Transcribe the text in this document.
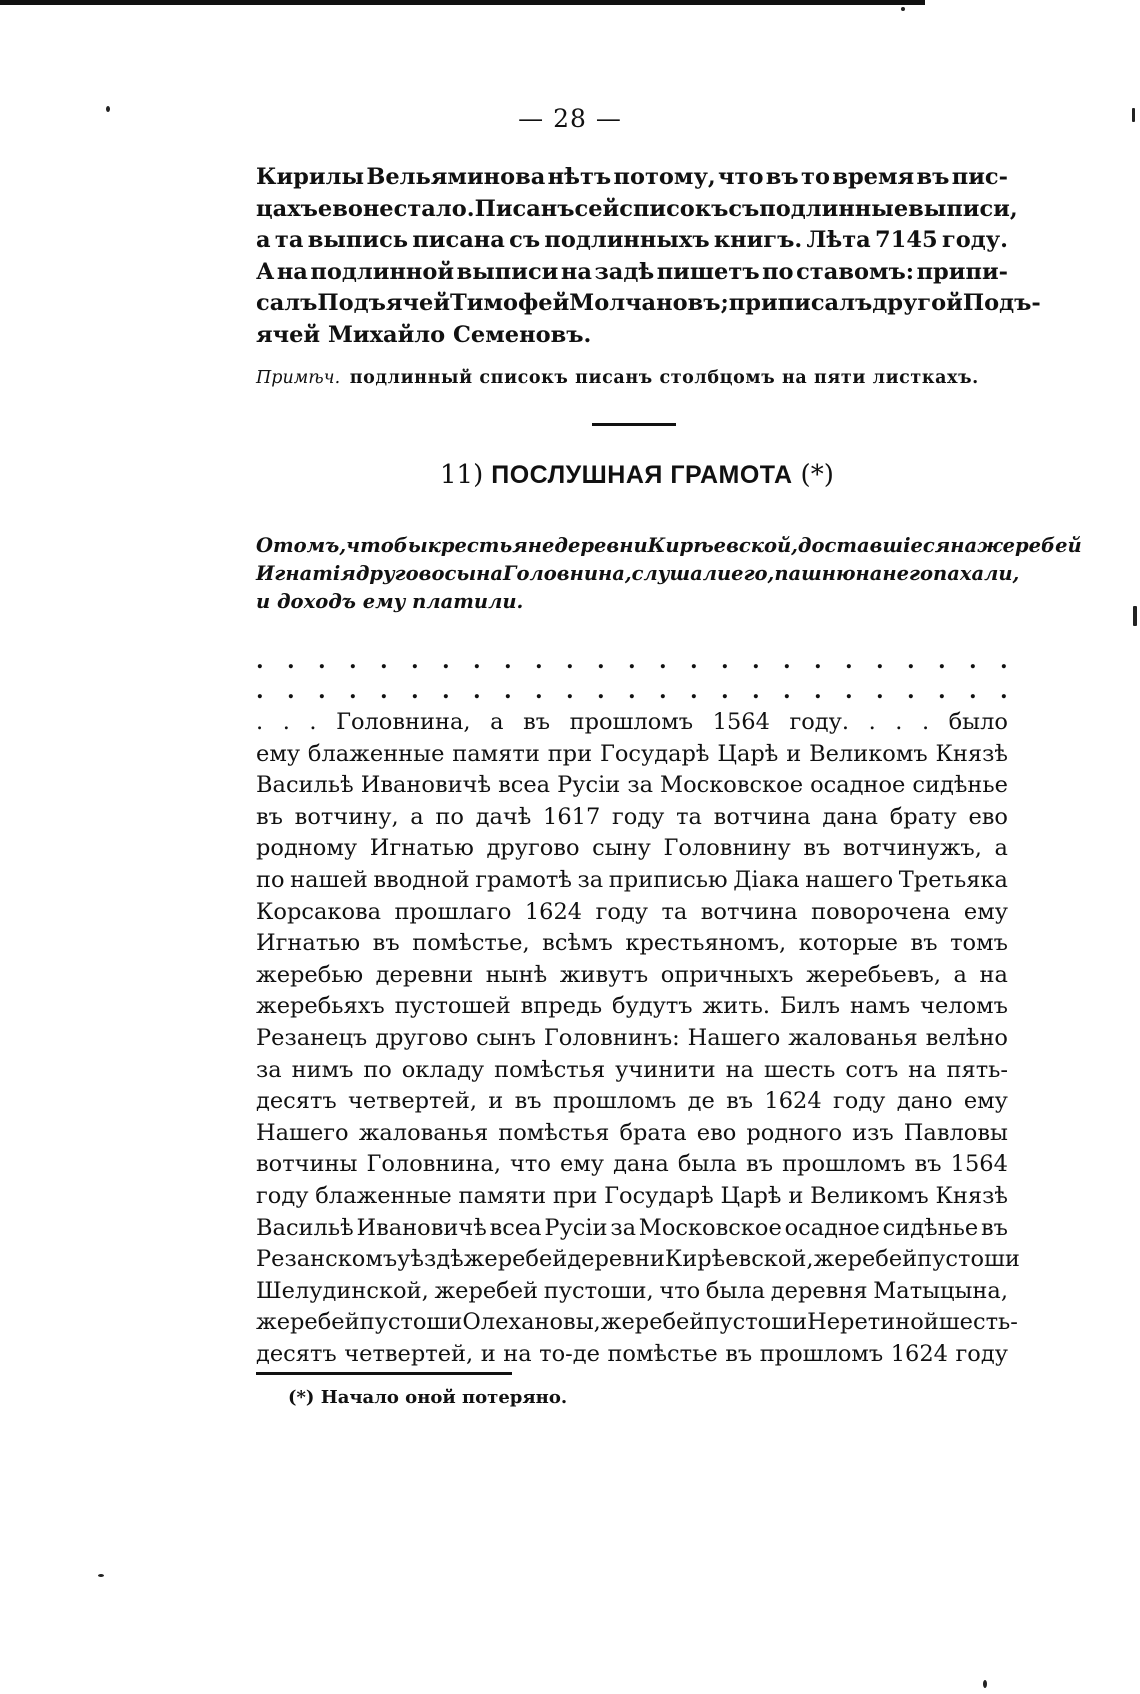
— 28 —
Кирилы Вельяминова нѣтъ потому, что въ то время въ пис-
цахъ ево не стало. Писанъ сей списокъ съ подлинные выписи,
а та выпись писана съ подлинныхъ книгъ. Лѣта 7145 году.
А на подлинной выписи на задѣ пишетъ по ставомъ: припи-
салъ Подъячей Тимофей Молчановъ; приписалъ другой Подъ-
ячей Михайло Семеновъ.
Примѣч. подлинный списокъ писанъ столбцомъ на пяти листкахъ.
11) ПОСЛУШНАЯ ГРАМОТА (*)
О томъ, чтобы крестьяне деревни Кирѣевской, доставшіеся на жеребей
Игнатія другово сына Головнина, слушали его, пашню на него пахали,
и доходъ ему платили.
. . . . . . . . . . . . . . . . . . . . . . . . .
. . . . . . . . . . . . . . . . . . . . . . . . .
. . . Головнина, а въ прошломъ 1564 году. . . . было
ему блаженные памяти при Государѣ Царѣ и Великомъ Князѣ
Васильѣ Ивановичѣ всеа Русіи за Московское осадное сидѣнье
въ вотчину, а по дачѣ 1617 году та вотчина дана брату ево
родному Игнатью другово сыну Головнину въ вотчинужъ, а
по нашей вводной грамотѣ за приписью Діака нашего Третьяка
Корсакова прошлаго 1624 году та вотчина поворочена ему
Игнатью въ помѣстье, всѣмъ крестьяномъ, которые въ томъ
жеребью деревни нынѣ живутъ опричныхъ жеребьевъ, а на
жеребьяхъ пустошей впредь будутъ жить. Билъ намъ челомъ
Резанецъ другово сынъ Головнинъ: Нашего жалованья велѣно
за нимъ по окладу помѣстья учинити на шесть сотъ на пять-
десятъ четвертей, и въ прошломъ де въ 1624 году дано ему
Нашего жалованья помѣстья брата ево родного изъ Павловы
вотчины Головнина, что ему дана была въ прошломъ въ 1564
году блаженные памяти при Государѣ Царѣ и Великомъ Князѣ
Васильѣ Ивановичѣ всеа Русіи за Московское осадное сидѣнье въ
Резанскомъ уѣздѣ жеребей деревни Кирѣевской, жеребей пустоши
Шелудинской, жеребей пустоши, что была деревня Матыцына,
жеребей пустоши Олехановы, жеребей пустоши Неретиной шесть-
десятъ четвертей, и на то-де помѣстье въ прошломъ 1624 году
(*) Начало оной потеряно.
